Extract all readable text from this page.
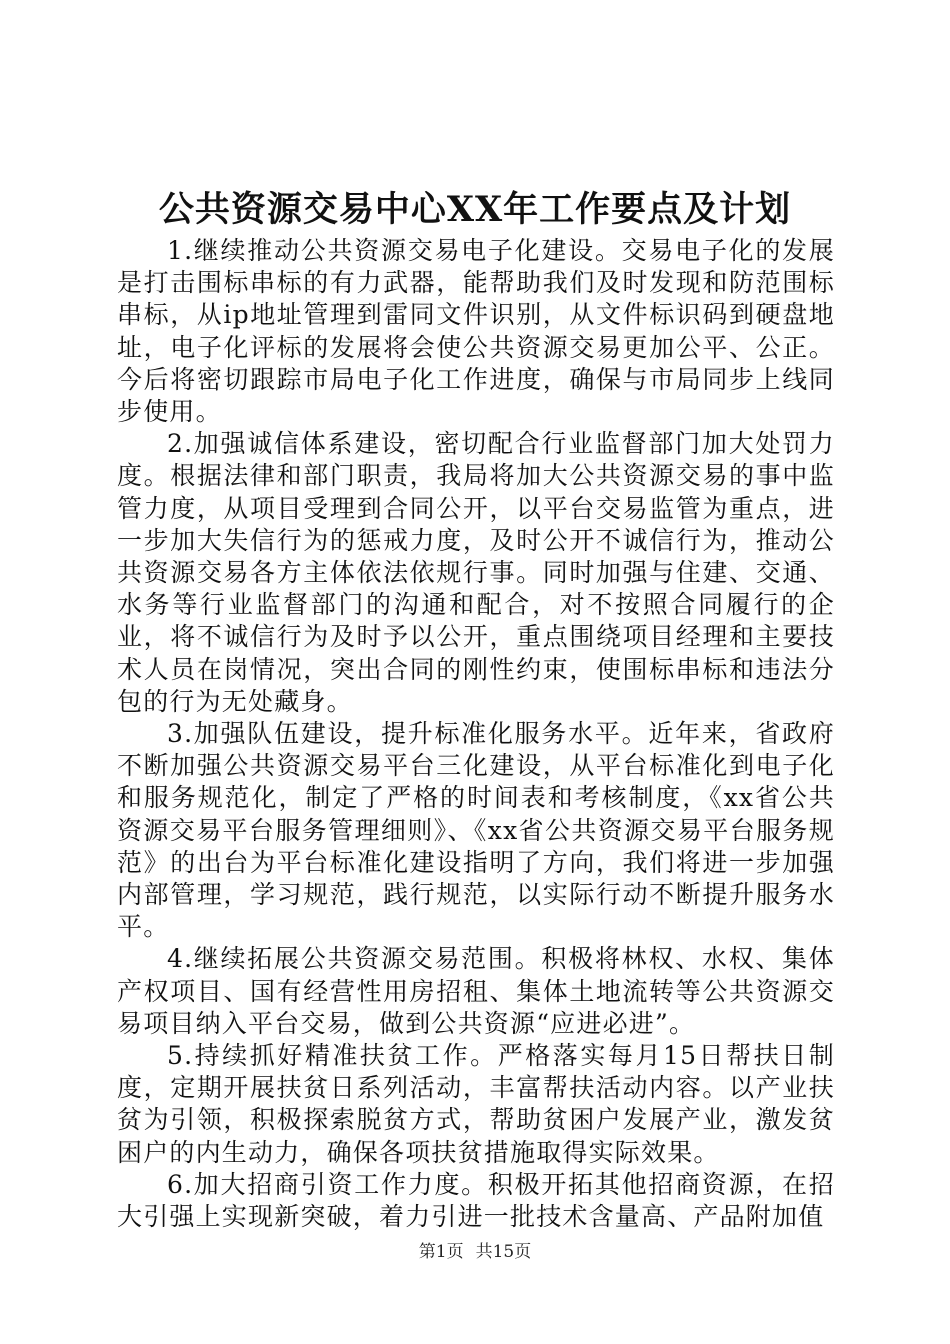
公共资源交易中心XX年工作要点及计划

1.继续推动公共资源交易电子化建设。交易电子化的发展是打击围标串标的有力武器，能帮助我们及时发现和防范围标串标，从ip地址管理到雷同文件识别，从文件标识码到硬盘地址，电子化评标的发展将会使公共资源交易更加公平、公正。今后将密切跟踪市局电子化工作进度，确保与市局同步上线同步使用。

2.加强诚信体系建设，密切配合行业监督部门加大处罚力度。根据法律和部门职责，我局将加大公共资源交易的事中监管力度，从项目受理到合同公开，以平台交易监管为重点，进一步加大失信行为的惩戒力度，及时公开不诚信行为，推动公共资源交易各方主体依法依规行事。同时加强与住建、交通、水务等行业监督部门的沟通和配合，对不按照合同履行的企业，将不诚信行为及时予以公开，重点围绕项目经理和主要技术人员在岗情况，突出合同的刚性约束，使围标串标和违法分包的行为无处藏身。

3.加强队伍建设，提升标准化服务水平。近年来，省政府不断加强公共资源交易平台三化建设，从平台标准化到电子化和服务规范化，制定了严格的时间表和考核制度，《xx省公共资源交易平台服务管理细则》、《xx省公共资源交易平台服务规范》的出台为平台标准化建设指明了方向，我们将进一步加强内部管理，学习规范，践行规范，以实际行动不断提升服务水平。

4.继续拓展公共资源交易范围。积极将林权、水权、集体产权项目、国有经营性用房招租、集体土地流转等公共资源交易项目纳入平台交易，做到公共资源“应进必进”。

5.持续抓好精准扶贫工作。严格落实每月15日帮扶日制度，定期开展扶贫日系列活动，丰富帮扶活动内容。以产业扶贫为引领，积极探索脱贫方式，帮助贫困户发展产业，激发贫困户的内生动力，确保各项扶贫措施取得实际效果。

6.加大招商引资工作力度。积极开拓其他招商资源，在招大引强上实现新突破，着力引进一批技术含量高、产品附加值

第1页 共15页
